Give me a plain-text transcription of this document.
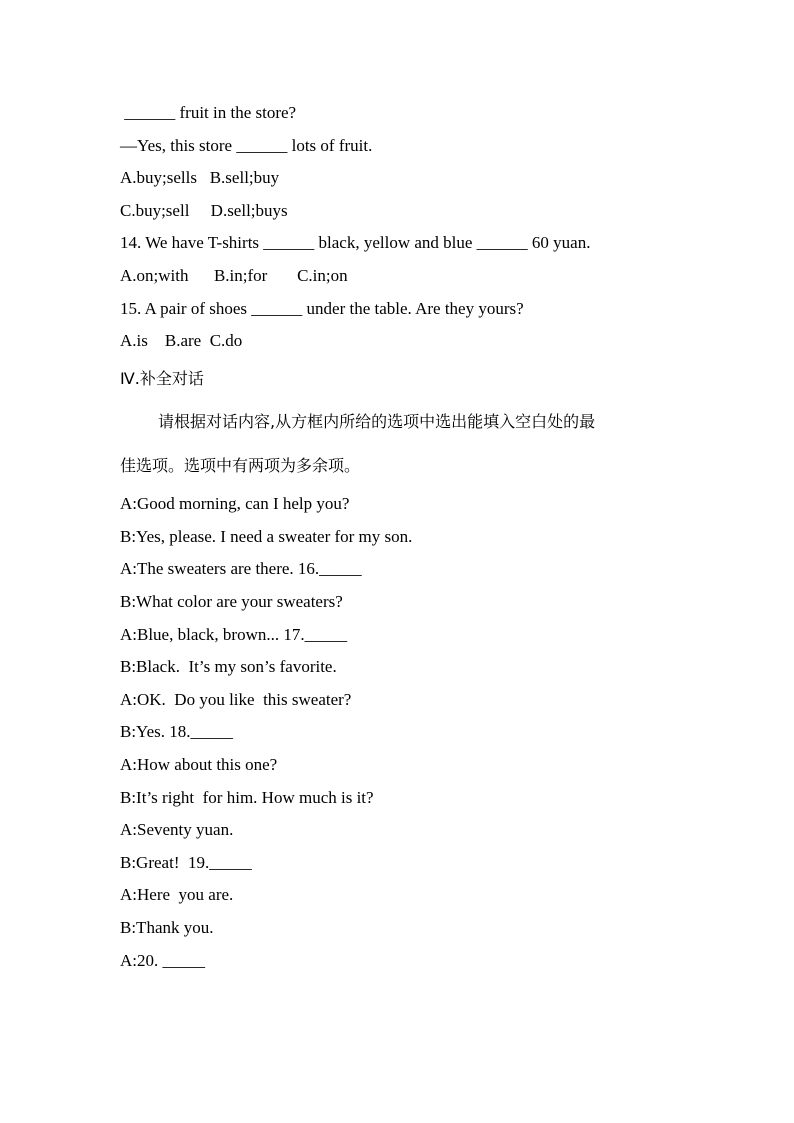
______ fruit in the store?
—Yes, this store ______ lots of fruit.
A.buy;sells   B.sell;buy
C.buy;sell     D.sell;buys
14. We have T-shirts ______ black, yellow and blue ______ 60 yuan.
A.on;with      B.in;for       C.in;on
15. A pair of shoes ______ under the table. Are they yours?
A.is    B.are  C.do
Ⅳ.补全对话
请根据对话内容,从方框内所给的选项中选出能填入空白处的最
佳选项。选项中有两项为多余项。
A:Good morning, can I help you?
B:Yes, please. I need a sweater for my son.
A:The sweaters are there. 16._____
B:What color are your sweaters?
A:Blue, black, brown... 17._____
B:Black.  It’s my son’s favorite.
A:OK.  Do you like  this sweater?
B:Yes. 18._____
A:How about this one?
B:It’s right  for him. How much is it?
A:Seventy yuan.
B:Great!  19._____
A:Here  you are.
B:Thank you.
A:20. _____
